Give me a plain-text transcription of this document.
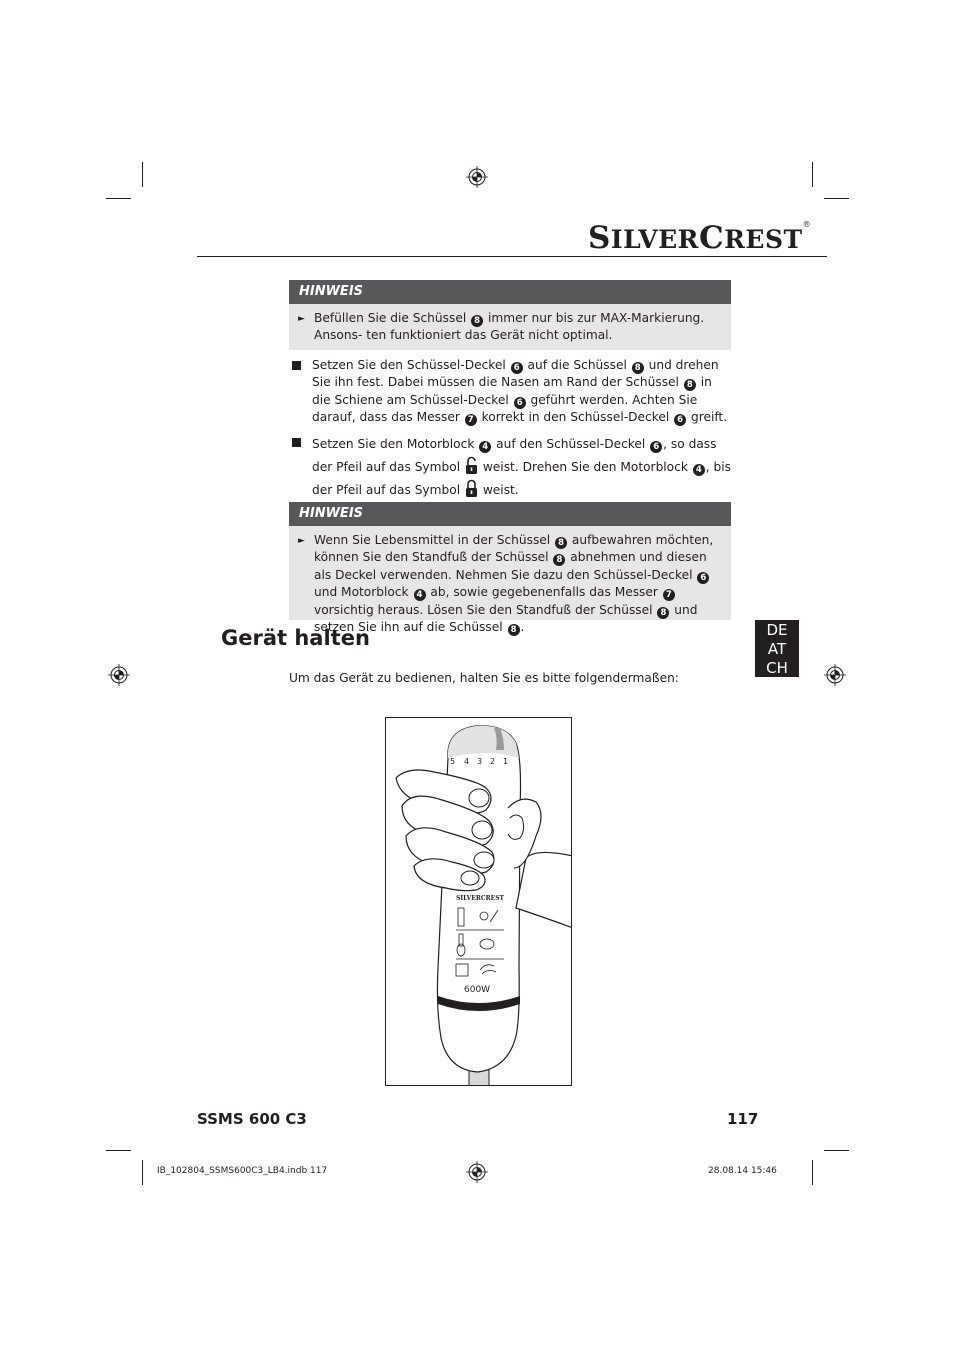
SILVERCREST®
HINWEIS
► Befüllen Sie die Schüssel 8 immer nur bis zur MAX-Markierung. Ansons- ten funktioniert das Gerät nicht optimal.
Setzen Sie den Schüssel-Deckel 6 auf die Schüssel 8 und drehen Sie ihn fest. Dabei müssen die Nasen am Rand der Schüssel 8 in die Schiene am Schüssel-Deckel 6 geführt werden. Achten Sie darauf, dass das Messer 7 korrekt in den Schüssel-Deckel 6 greift.
Setzen Sie den Motorblock 4 auf den Schüssel-Deckel 6 , so dass der Pfeil auf das Symbol  weist. Drehen Sie den Motorblock 4 , bis der Pfeil auf das Symbol  weist.
HINWEIS
► Wenn Sie Lebensmittel in der Schüssel 8 aufbewahren möchten, können Sie den Standfuß der Schüssel 8 abnehmen und diesen als Deckel verwenden. Nehmen Sie dazu den Schüssel-Deckel 6 und Motorblock 4 ab, sowie gegebenenfalls das Messer 7 vorsichtig heraus. Lösen Sie den Standfuß der Schüssel 8 und setzen Sie ihn auf die Schüssel 8 .
Gerät halten
Um das Gerät zu bedienen, halten Sie es bitte folgendermaßen:
DE
AT
CH
5 4 3 2 1
SILVERCREST
600W
SSMS 600 C3	117
IB_102804_SSMS600C3_LB4.indb 117	28.08.14 15:46
